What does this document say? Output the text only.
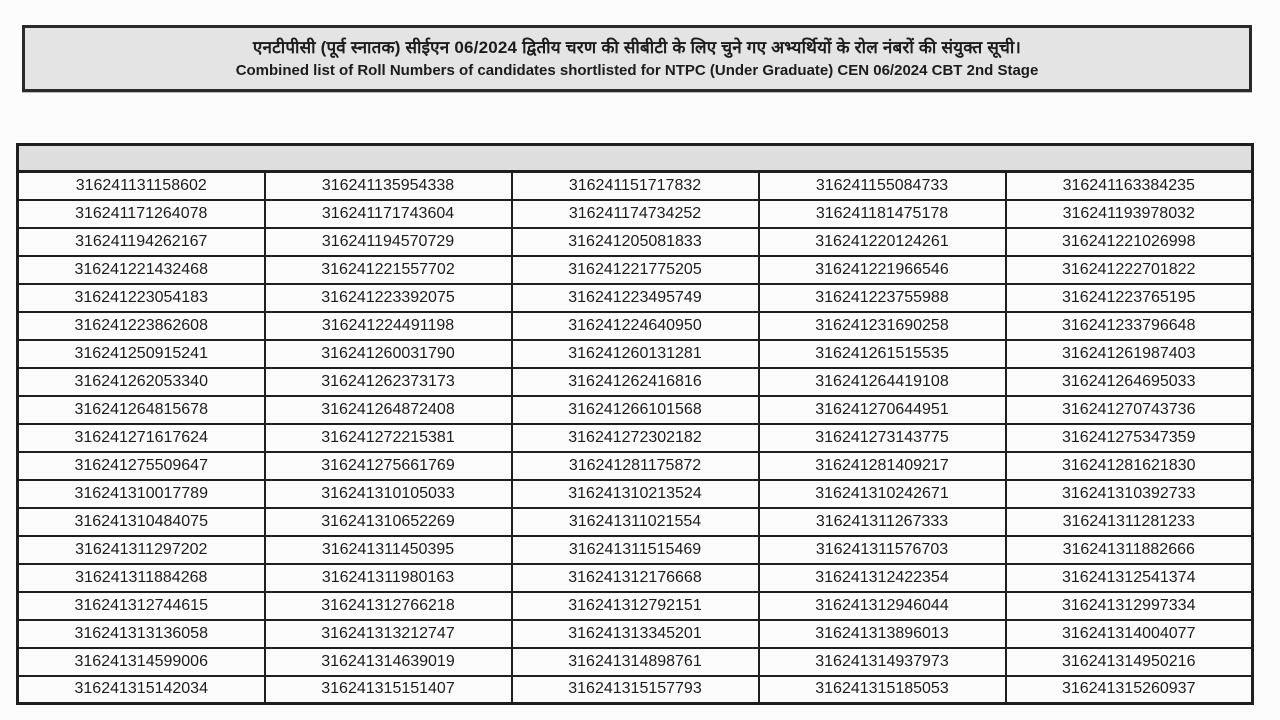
एनटीपीसी (पूर्व स्नातक) सीईएन 06/2024 द्वितीय चरण की सीबीटी के लिए चुने गए अभ्यर्थियों के रोल नंबरों की संयुक्त सूची।
Combined list of Roll Numbers of candidates shortlisted for NTPC (Under Graduate) CEN 06/2024 CBT 2nd Stage

316241131158602	316241135954338	316241151717832	316241155084733	316241163384235
316241171264078	316241171743604	316241174734252	316241181475178	316241193978032
316241194262167	316241194570729	316241205081833	316241220124261	316241221026998
316241221432468	316241221557702	316241221775205	316241221966546	316241222701822
316241223054183	316241223392075	316241223495749	316241223755988	316241223765195
316241223862608	316241224491198	316241224640950	316241231690258	316241233796648
316241250915241	316241260031790	316241260131281	316241261515535	316241261987403
316241262053340	316241262373173	316241262416816	316241264419108	316241264695033
316241264815678	316241264872408	316241266101568	316241270644951	316241270743736
316241271617624	316241272215381	316241272302182	316241273143775	316241275347359
316241275509647	316241275661769	316241281175872	316241281409217	316241281621830
316241310017789	316241310105033	316241310213524	316241310242671	316241310392733
316241310484075	316241310652269	316241311021554	316241311267333	316241311281233
316241311297202	316241311450395	316241311515469	316241311576703	316241311882666
316241311884268	316241311980163	316241312176668	316241312422354	316241312541374
316241312744615	316241312766218	316241312792151	316241312946044	316241312997334
316241313136058	316241313212747	316241313345201	316241313896013	316241314004077
316241314599006	316241314639019	316241314898761	316241314937973	316241314950216
316241315142034	316241315151407	316241315157793	316241315185053	316241315260937
